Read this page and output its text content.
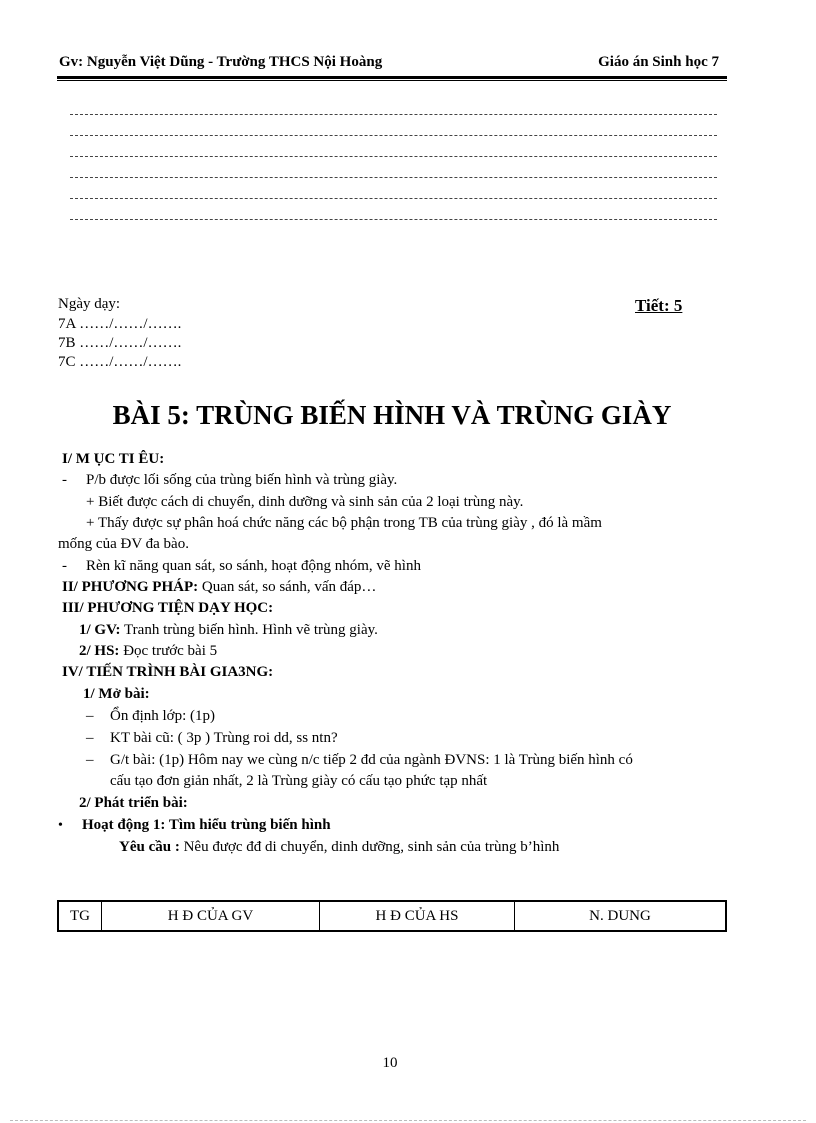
Gv: Nguyễn Việt Dũng - Trường THCS Nội Hoàng	Giáo án Sinh học 7
Ngày dạy:
7A ……/……/…….
7B ……/……/…….
7C ……/……/…….
Tiết: 5
BÀI 5: TRÙNG BIẾN HÌNH VÀ TRÙNG GIÀY
I/ M ỤC TI ÊU:
- P/b được lối sống của trùng biến hình và trùng giày.
+ Biết được cách di chuyển, dinh dưỡng và sinh sản của 2 loại trùng này.
+ Thấy được sự phân hoá chức năng các bộ phận trong TB của trùng giày , đó là mầm
mống của ĐV đa bào.
- Rèn kĩ năng quan sát, so sánh, hoạt động nhóm, vẽ hình
II/ PHƯƠNG PHÁP: Quan sát, so sánh, vấn đáp…
III/ PHƯƠNG TIỆN DẠY HỌC:
1/ GV: Tranh trùng biến hình. Hình vẽ trùng giày.
2/ HS: Đọc trước bài 5
IV/ TIẾN TRÌNH BÀI GIA3NG:
1/ Mở bài:
– Ổn định lớp: (1p)
– KT bài cũ: ( 3p ) Trùng roi dd, ss ntn?
– G/t bài: (1p) Hôm nay we cùng n/c tiếp 2 đd của ngành ĐVNS: 1 là Trùng biến hình có
cấu tạo đơn giản nhất, 2 là Trùng giày có cấu tạo phức tạp nhất
2/ Phát triển bài:
• Hoạt động 1: Tìm hiểu trùng biến hình
Yêu cầu : Nêu được đđ di chuyển, dinh dưỡng, sinh sản của trùng b’hình
TG	H Đ CỦA GV	H Đ CỦA HS	N. DUNG
10
